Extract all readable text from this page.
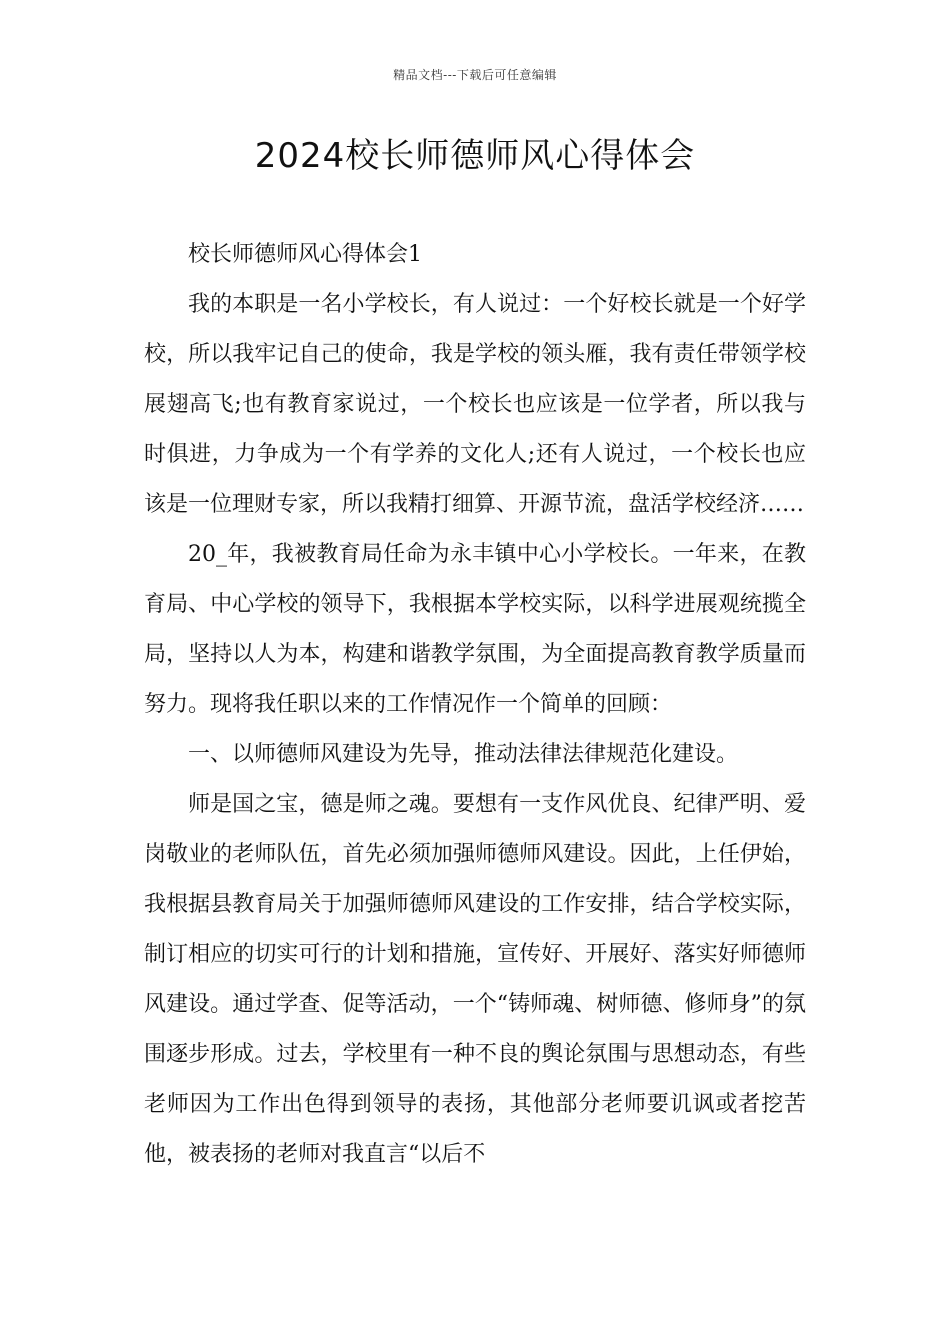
精品文档---下载后可任意编辑
2024校长师德师风心得体会

校长师德师风心得体会1

我的本职是一名小学校长，有人说过：一个好校长就是一个好学校，所以我牢记自己的使命，我是学校的领头雁，我有责任带领学校展翅高飞;也有教育家说过，一个校长也应该是一位学者，所以我与时俱进，力争成为一个有学养的文化人;还有人说过，一个校长也应该是一位理财专家，所以我精打细算、开源节流，盘活学校经济……

20_年，我被教育局任命为永丰镇中心小学校长。一年来，在教育局、中心学校的领导下，我根据本学校实际，以科学进展观统揽全局，坚持以人为本，构建和谐教学氛围，为全面提高教育教学质量而努力。现将我任职以来的工作情况作一个简单的回顾：

一、以师德师风建设为先导，推动法律法律规范化建设。

师是国之宝，德是师之魂。要想有一支作风优良、纪律严明、爱岗敬业的老师队伍，首先必须加强师德师风建设。因此，上任伊始，我根据县教育局关于加强师德师风建设的工作安排，结合学校实际，制订相应的切实可行的计划和措施，宣传好、开展好、落实好师德师风建设。通过学查、促等活动，一个“铸师魂、树师德、修师身”的氛围逐步形成。过去，学校里有一种不良的舆论氛围与思想动态，有些老师因为工作出色得到领导的表扬，其他部分老师要讥讽或者挖苦他，被表扬的老师对我直言“以后不
